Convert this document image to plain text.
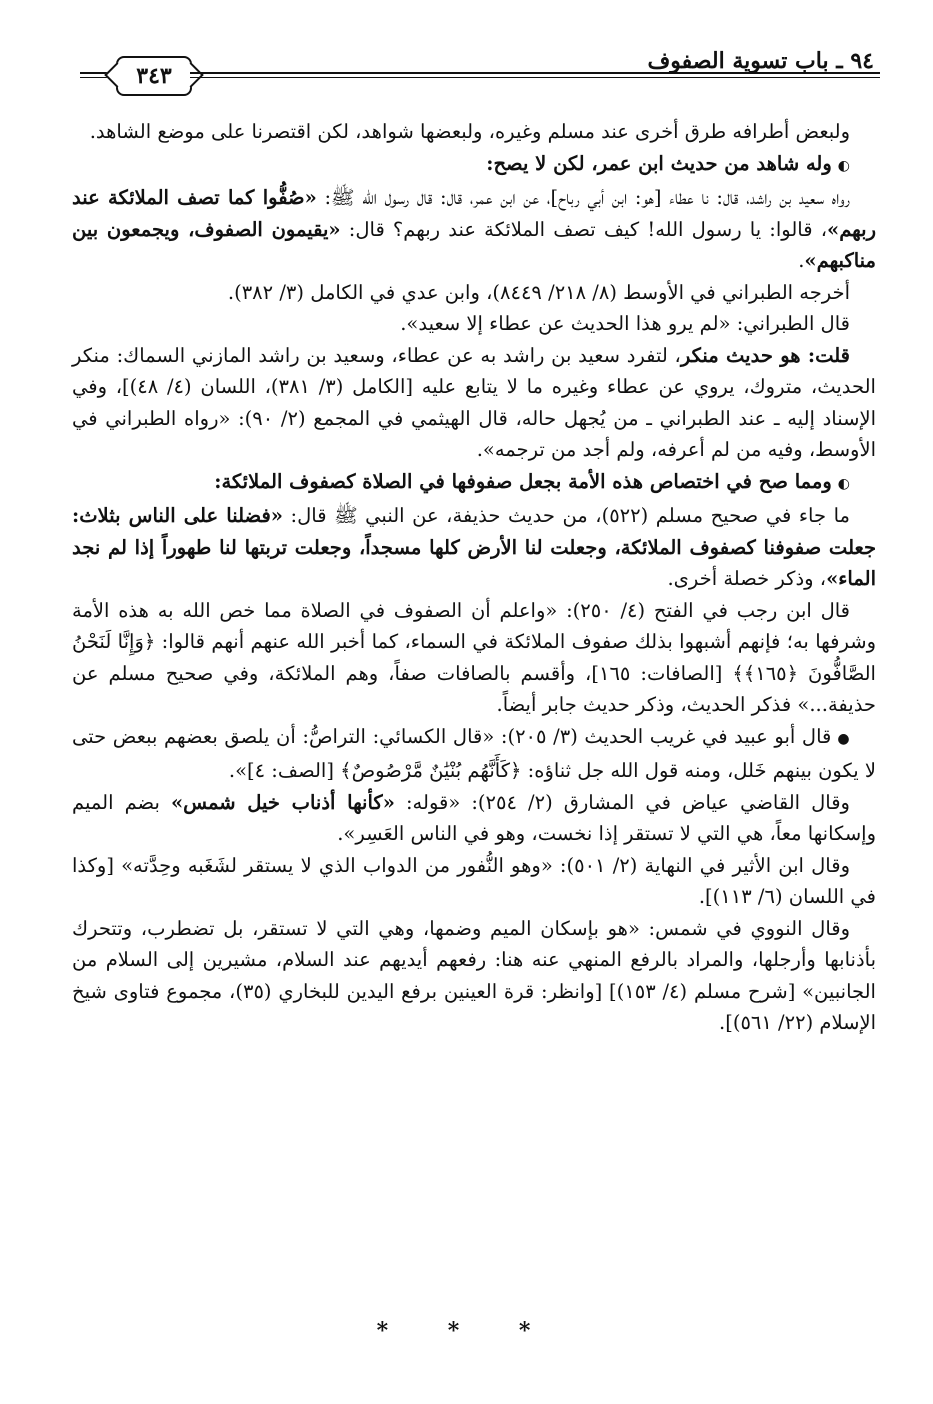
٣٤٣
٩٤ ـ باب تسوية الصفوف

ولبعض أطرافه طرق أخرى عند مسلم وغيره، ولبعضها شواهد، لكن اقتصرنا على موضع الشاهد.

◐وله شاهد من حديث ابن عمر، لكن لا يصح:

رواه سعيد بن راشد، قال: نا عطاء [هو: ابن أبي رباح]، عن ابن عمر، قال: قال رسول الله ﷺ: «صُفُّوا كما تصف الملائكة عند ربهم»، قالوا: يا رسول الله! كيف تصف الملائكة عند ربهم؟ قال: «يقيمون الصفوف، ويجمعون بين مناكبهم».

أخرجه الطبراني في الأوسط (٨/ ٢١٨/ ٨٤٤٩)، وابن عدي في الكامل (٣/ ٣٨٢).

قال الطبراني: «لم يرو هذا الحديث عن عطاء إلا سعيد».

قلت: هو حديث منكر، لتفرد سعيد بن راشد به عن عطاء، وسعيد بن راشد المازني السماك: منكر الحديث، متروك، يروي عن عطاء وغيره ما لا يتابع عليه [الكامل (٣/ ٣٨١)، اللسان (٤/ ٤٨)]، وفي الإسناد إليه ـ عند الطبراني ـ من يُجهل حاله، قال الهيثمي في المجمع (٢/ ٩٠): «رواه الطبراني في الأوسط، وفيه من لم أعرفه، ولم أجد من ترجمه».

◐ومما صح في اختصاص هذه الأمة بجعل صفوفها في الصلاة كصفوف الملائكة:

ما جاء في صحيح مسلم (٥٢٢)، من حديث حذيفة، عن النبي ﷺ قال: «فضلنا على الناس بثلاث: جعلت صفوفنا كصفوف الملائكة، وجعلت لنا الأرض كلها مسجداً، وجعلت تربتها لنا طهوراً إذا لم نجد الماء»، وذكر خصلة أخرى.

قال ابن رجب في الفتح (٤/ ٢٥٠): «واعلم أن الصفوف في الصلاة مما خص الله به هذه الأمة وشرفها به؛ فإنهم أشبهوا بذلك صفوف الملائكة في السماء، كما أخبر الله عنهم أنهم قالوا: ﴿وَإِنَّا لَنَحْنُ الصَّافُّونَ ﴿١٦٥﴾﴾ [الصافات: ١٦٥]، وأقسم بالصافات صفاً، وهم الملائكة، وفي صحيح مسلم عن حذيفة...» فذكر الحديث، وذكر حديث جابر أيضاً.

●قال أبو عبيد في غريب الحديث (٣/ ٢٠٥): «قال الكسائي: التراصُّ: أن يلصق بعضهم ببعض حتى لا يكون بينهم خَلل، ومنه قول الله جل ثناؤه: ﴿كَأَنَّهُم بُنْيَٰنٌ مَّرْصُوصٌ﴾ [الصف: ٤]».

وقال القاضي عياض في المشارق (٢/ ٢٥٤): «قوله: «كأنها أذناب خيل شمس» بضم الميم وإسكانها معاً، هي التي لا تستقر إذا نخست، وهو في الناس العَسِر».

وقال ابن الأثير في النهاية (٢/ ٥٠١): «وهو النُّفور من الدواب الذي لا يستقر لشَغَبه وحِدَّته» [وكذا في اللسان (٦/ ١١٣)].

وقال النووي في شمس: «هو بإسكان الميم وضمها، وهي التي لا تستقر، بل تضطرب، وتتحرك بأذنابها وأرجلها، والمراد بالرفع المنهي عنه هنا: رفعهم أيديهم عند السلام، مشيرين إلى السلام من الجانبين» [شرح مسلم (٤/ ١٥٣)] [وانظر: قرة العينين برفع اليدين للبخاري (٣٥)، مجموع فتاوى شيخ الإسلام (٢٢/ ٥٦١)].

* * *
